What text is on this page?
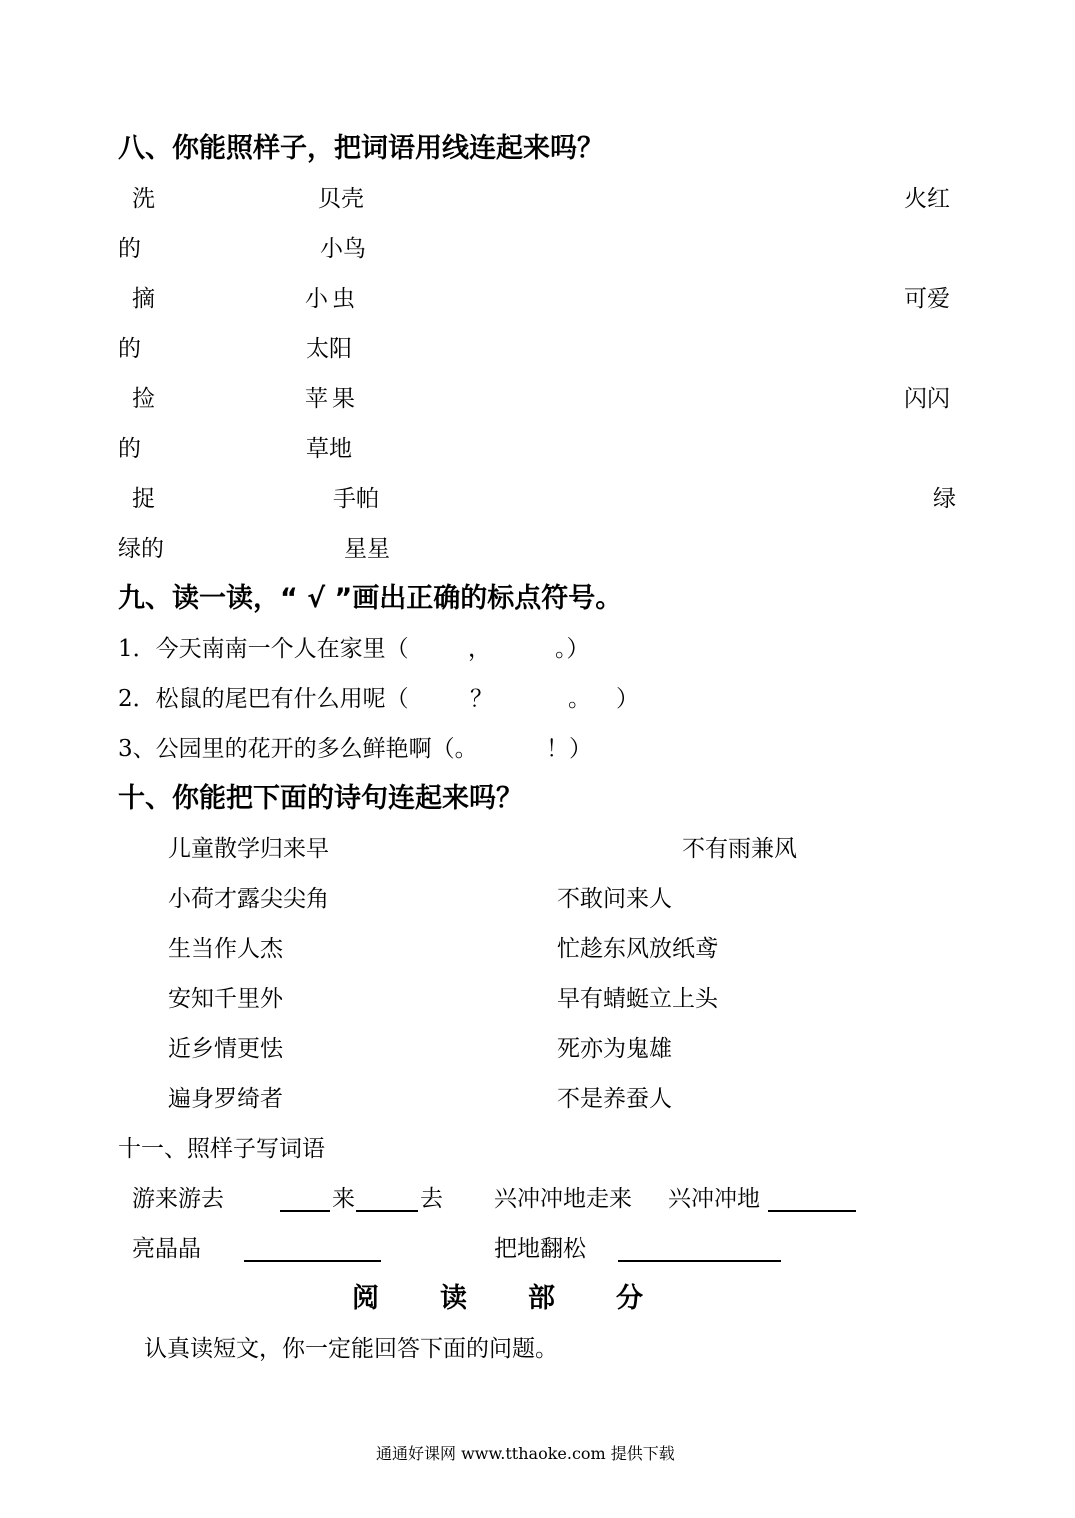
八、你能照样子，把词语用线连起来吗？
洗	贝壳	火红
的	小鸟
摘	小虫	可爱
的	太阳
捡	苹果	闪闪
的	草地
捉	手帕	绿
绿的	星星
九、读一读，“ √ ”画出正确的标点符号。
1．今天南南一个人在家里（	，	。）
2．松鼠的尾巴有什么用呢（	？	。 ）
3、公园里的花开的多么鲜艳啊（。	！）
十、你能把下面的诗句连起来吗？
儿童散学归来早	不有雨兼风
小荷才露尖尖角	不敢问来人
生当作人杰	忙趁东风放纸鸢
安知千里外	早有蜻蜓立上头
近乡情更怯	死亦为鬼雄
遍身罗绮者	不是养蚕人
十一、照样子写词语
游来游去	来	去 兴冲冲地走来 兴冲冲地
亮晶晶	把地翻松
阅 读 部 分
认真读短文，你一定能回答下面的问题。
通通好课网 www.tthaoke.com 提供下载
